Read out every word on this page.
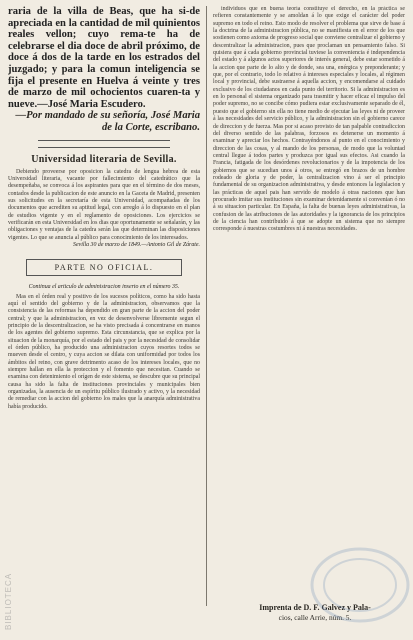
raria de la villa de Beas, que ha si-de apreciada en la cantidad de mil quinientos reales vellon; cuyo rema-te ha de celebrarse el dia doce de abril próximo, de doce á dos de la tarde en los estrados del juzgado; y para la comun inteligencia se fija el presente en Huelva á veinte y tres de marzo de mil ochocientos cuaren-ta y nueve.—José Maria Escudero.

—Por mandado de su señoría, José Maria de la Corte, escribano.

Universidad literaria de Sevilla.

Debiendo proveerse por oposicion la catedra de lengua hebrea de esta Universidad literaria, vacante por fallecimiento del catedrático que la desempeñaba, se convoca á los aspirantes para que en el término de dos meses, contados desde la publicacion de este anuncio en la Gaceta de Madrid, presenten sus solicitudes en la secretaría de esta Universidad, acompañadas de los documentos que acrediten su aptitud legal, con arreglo á lo dispuesto en el plan de estudios vigente y en el reglamento de oposiciones. Los ejercicios se verificarán en esta Universidad en los dias que oportunamente se señalarán, y las obligaciones y ventajas de la catedra serán las que determinan las disposiciones vigentes. Lo que se anuncia al público para conocimiento de los interesados.

Sevilla 30 de marzo de 1849.—Antonio Gil de Zárate.

PARTE NO OFICIAL.

Continua el articulo de administracion inserto en el número 35.

Mas en el órden real y positivo de los sucesos políticos, como ha sido hasta aquí el sentido del gobierno y de la administracion, observamos que la consistencia de las reformas ha dependido en gran parte de la accion del poder central; y que la administracion, en vez de desenvolverse libremente segun el principio de la descentralizacion, se ha visto precisada á concentrarse en manos de los agentes del gobierno supremo. Esta circunstancia, que se explica por la situacion de la monarquía, por el estado del pais y por la necesidad de consolidar el órden público, ha producido una administracion cuyos resortes todos se mueven desde el centro, y cuya accion se dilata con uniformidad por todos los ámbitos del reino, con grave detrimento acaso de los intereses locales, que no siempre hallan en ella la proteccion y el fomento que necesitan. Cuando se examina con detenimiento el orígen de este sistema, se descubre que su principal causa ha sido la falta de instituciones provinciales y municipales bien organizadas, la ausencia de un espíritu público ilustrado y activo, y la necesidad de remediar con la accion del gobierno los males que la anarquía administrativa había producido.

individuos que en buena teoría constituye el derecho, en la práctica se refieren constantemente y se amoldan á lo que exige el carácter del poder supremo en todo el reino. Esto modo de resolver el problema que sirve de base á la doctrina de la administracion pública, no se manifiesta en el error de los que sostienen como axioma de progreso social que conviene centralizar el gobierno y descentralizar la administracion, pues que proclaman un pensamiento falso. Si quisiera que á cada gobierno provincial tuviese la conveniencia é independencia del estado y á algunos actos superiores de interés general, debe estar sometido á la accion que parte de lo alto y de donde, sea una, enérgica y preponderante; y que, por el contrario, todo lo relativo á intereses especiales y locales, al régimen local y provincial, debe sustraerse á aquella accion, y encomendarse al cuidado exclusivo de los ciudadanos en cada punto del territorio. Si la administracion es en lo personal el sistema organizado para trasmitir y hacer eficaz el impulso del poder supremo, no se concibe cómo pudiera estar exclusivamente separado de él, puesto que el gobierno sin ella no tiene medio de ejecutar las leyes ni de proveer á las necesidades del servicio público, y la administracion sin el gobierno carece de direccion y de fuerza. Mas por si acaso provisto de tan palpable contradiccion del diverso sentido de las palabras, forzosos es detenerse un momento á examinar y apreciar los hechos. Contrayéndonos al punto en el conocimiento y direccion de las cosas, y al mando de los personas, de modo que la voluntad central llegue á todos partes y produzca por igual sus efectos. Asi cuando la Francia, fatigada de los desórdenes revolucionarios y de la impotencia de los gobiernos que se sucedian unos á otros, se entregó en brazos de un hombre rodeado de gloria y de poder, la centralizacion vino á ser el principio fundamental de su organizacion administrativa, y desde entonces la legislacion y las prácticas de aquel pais han servido de modelo á otras naciones que han procurado imitar sus instituciones sin examinar detenidamente si convenian ó no á su situacion particular. En España, la falta de buenas leyes administrativas, la confusion de las atribuciones de las autoridades y la ignorancia de los principios de la ciencia han contribuido á que se adopte un sistema que no siempre corresponde á nuestras costumbres ni á nuestras necesidades.

Imprenta de D. F. Galvez y Pala-
cios, calle Arrie, núm. 5.
BIBLIOTECA
